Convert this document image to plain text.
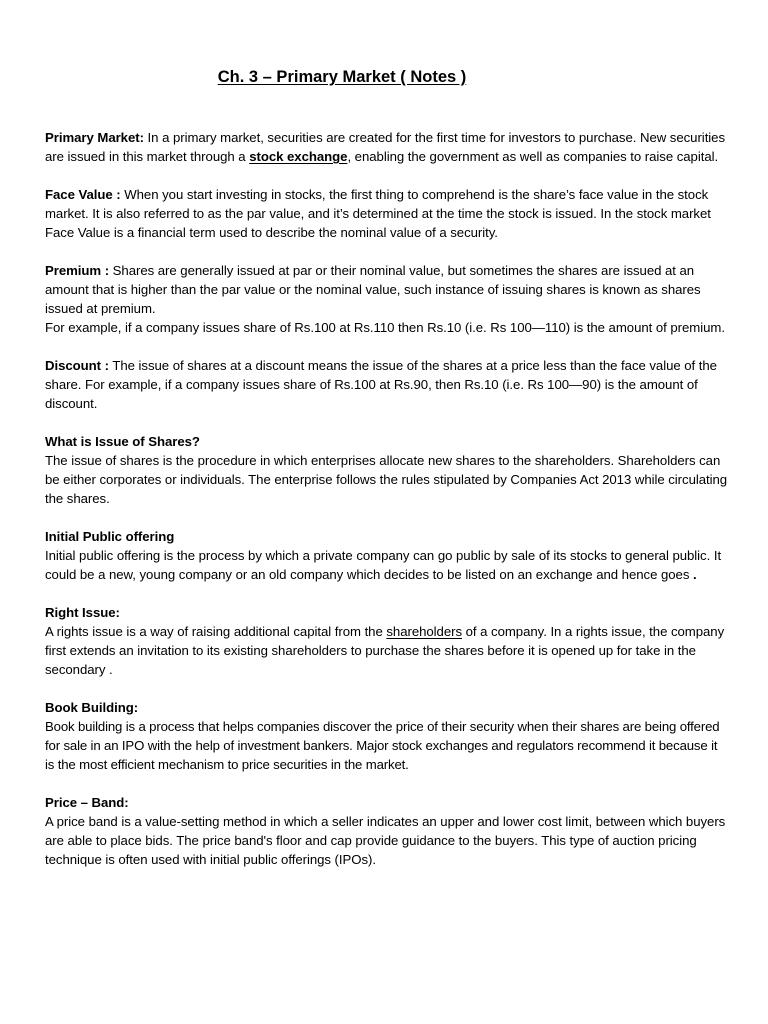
Ch. 3 – Primary Market ( Notes )

Primary Market: In a primary market, securities are created for the first time for investors to purchase. New securities are issued in this market through a stock exchange, enabling the government as well as companies to raise capital.

Face Value : When you start investing in stocks, the first thing to comprehend is the share’s face value in the stock market. It is also referred to as the par value, and it’s determined at the time the stock is issued. In the stock market Face Value is a financial term used to describe the nominal value of a security.

Premium : Shares are generally issued at par or their nominal value, but sometimes the shares are issued at an amount that is higher than the par value or the nominal value, such instance of issuing shares is known as shares issued at premium.

For example, if a company issues share of Rs.100 at Rs.110 then Rs.10 (i.e. Rs 100—110) is the amount of premium.

Discount : The issue of shares at a discount means the issue of the shares at a price less than the face value of the share. For example, if a company issues share of Rs.100 at Rs.90, then Rs.10 (i.e. Rs 100—90) is the amount of discount.

What is Issue of Shares?

The issue of shares is the procedure in which enterprises allocate new shares to the shareholders. Shareholders can be either corporates or individuals. The enterprise follows the rules stipulated by Companies Act 2013 while circulating the shares.

Initial Public offering

Initial public offering is the process by which a private company can go public by sale of its stocks to general public. It could be a new, young company or an old company which decides to be listed on an exchange and hence goes .

Right Issue:

A rights issue is a way of raising additional capital from the shareholders of a company. In a rights issue, the company first extends an invitation to its existing shareholders to purchase the shares before it is opened up for take in the secondary .

Book Building:

Book building is a process that helps companies discover the price of their security when their shares are being offered for sale in an IPO with the help of investment bankers. Major stock exchanges and regulators recommend it because it is the most efficient mechanism to price securities in the market.

Price – Band:

A price band is a value-setting method in which a seller indicates an upper and lower cost limit, between which buyers are able to place bids. The price band's floor and cap provide guidance to the buyers. This type of auction pricing technique is often used with initial public offerings (IPOs).
